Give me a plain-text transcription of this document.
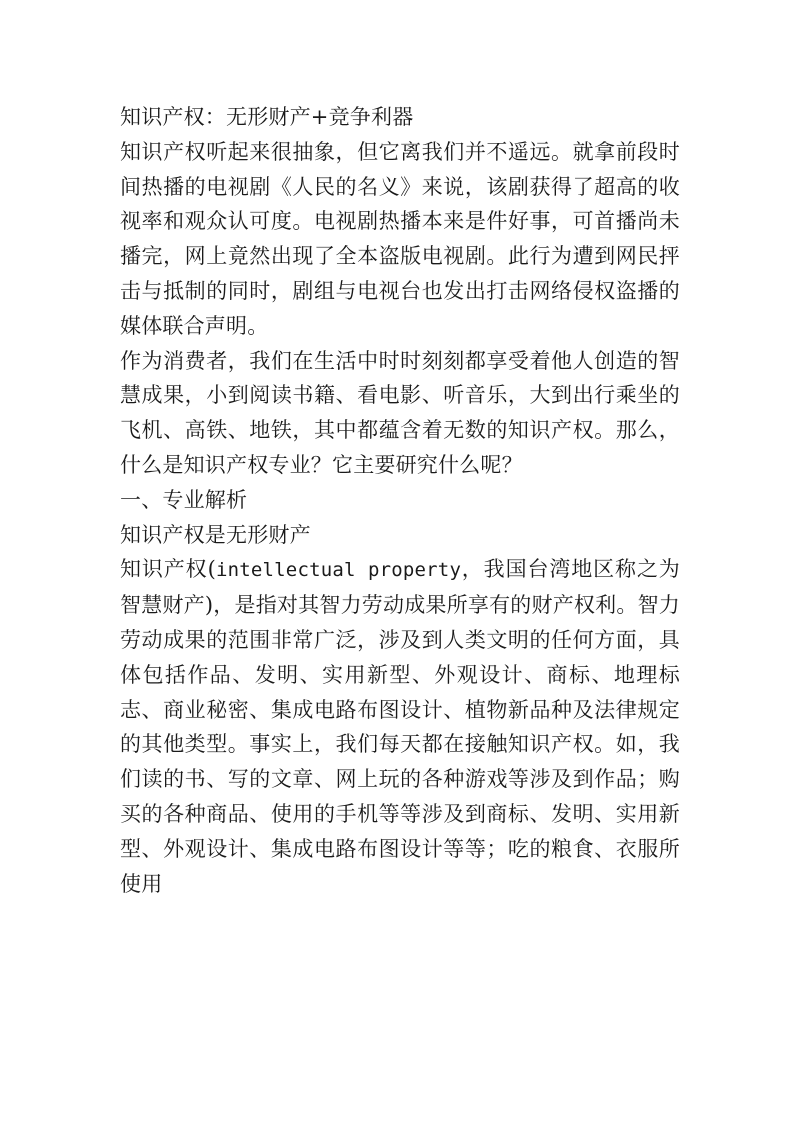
知识产权：无形财产+竞争利器

知识产权听起来很抽象，但它离我们并不遥远。就拿前段时间热播的电视剧《人民的名义》来说，该剧获得了超高的收视率和观众认可度。电视剧热播本来是件好事，可首播尚未播完，网上竟然出现了全本盗版电视剧。此行为遭到网民抨击与抵制的同时，剧组与电视台也发出打击网络侵权盗播的媒体联合声明。

作为消费者，我们在生活中时时刻刻都享受着他人创造的智慧成果，小到阅读书籍、看电影、听音乐，大到出行乘坐的飞机、高铁、地铁，其中都蕴含着无数的知识产权。那么，什么是知识产权专业？它主要研究什么呢？

一、专业解析

知识产权是无形财产

知识产权(intellectual property，我国台湾地区称之为智慧财产)，是指对其智力劳动成果所享有的财产权利。智力劳动成果的范围非常广泛，涉及到人类文明的任何方面，具体包括作品、发明、实用新型、外观设计、商标、地理标志、商业秘密、集成电路布图设计、植物新品种及法律规定的其他类型。事实上，我们每天都在接触知识产权。如，我们读的书、写的文章、网上玩的各种游戏等涉及到作品；购买的各种商品、使用的手机等等涉及到商标、发明、实用新型、外观设计、集成电路布图设计等等；吃的粮食、衣服所使用
